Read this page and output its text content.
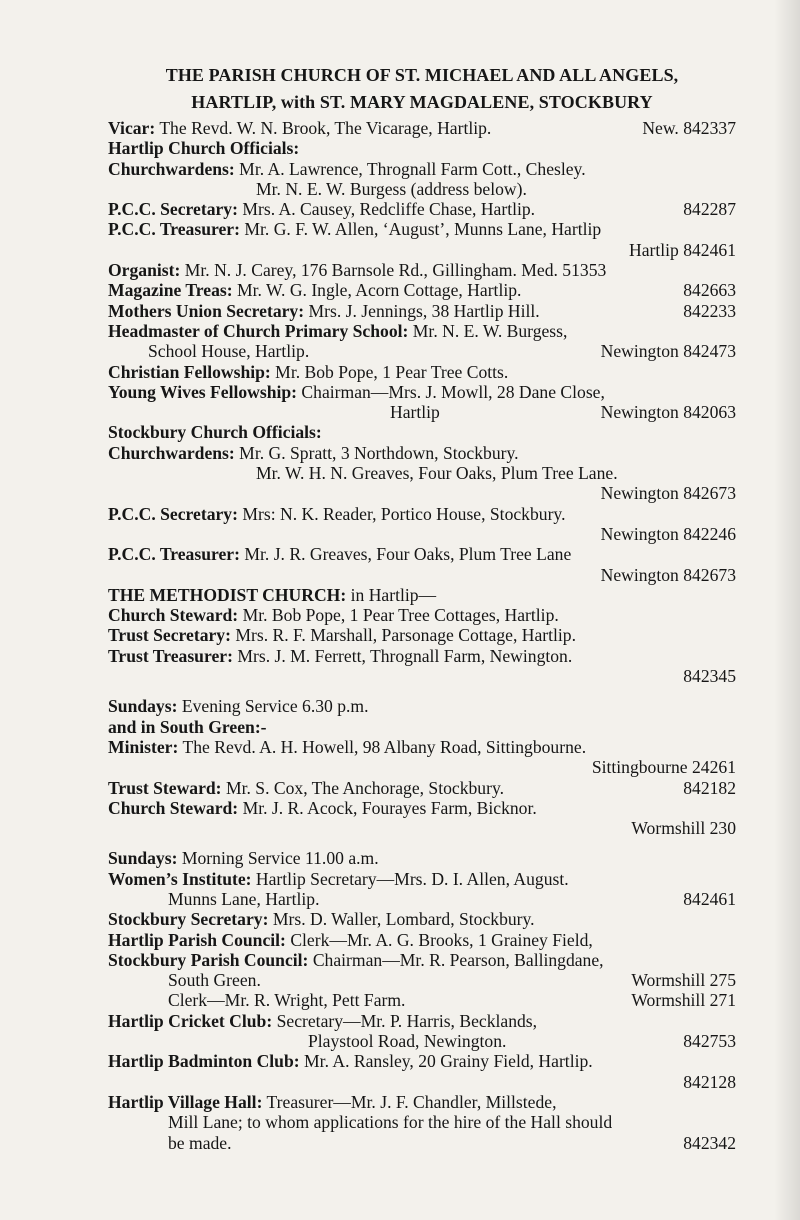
THE PARISH CHURCH OF ST. MICHAEL AND ALL ANGELS,
HARTLIP, with ST. MARY MAGDALENE, STOCKBURY
Vicar: The Revd. W. N. Brook, The Vicarage, Hartlip.	New. 842337
Hartlip Church Officials:
Churchwardens: Mr. A. Lawrence, Thrognall Farm Cott., Chesley.
Mr. N. E. W. Burgess (address below).
P.C.C. Secretary: Mrs. A. Causey, Redcliffe Chase, Hartlip.	842287
P.C.C. Treasurer: Mr. G. F. W. Allen, ‘August’, Munns Lane, Hartlip
Hartlip 842461
Organist: Mr. N. J. Carey, 176 Barnsole Rd., Gillingham. Med. 51353
Magazine Treas: Mr. W. G. Ingle, Acorn Cottage, Hartlip.	842663
Mothers Union Secretary: Mrs. J. Jennings, 38 Hartlip Hill.	842233
Headmaster of Church Primary School: Mr. N. E. W. Burgess,
School House, Hartlip.	Newington 842473
Christian Fellowship: Mr. Bob Pope, 1 Pear Tree Cotts.
Young Wives Fellowship: Chairman—Mrs. J. Mowll, 28 Dane Close,
Hartlip	Newington 842063
Stockbury Church Officials:
Churchwardens: Mr. G. Spratt, 3 Northdown, Stockbury.
Mr. W. H. N. Greaves, Four Oaks, Plum Tree Lane.
Newington 842673
P.C.C. Secretary: Mrs: N. K. Reader, Portico House, Stockbury.
Newington 842246
P.C.C. Treasurer: Mr. J. R. Greaves, Four Oaks, Plum Tree Lane
Newington 842673
THE METHODIST CHURCH: in Hartlip—
Church Steward: Mr. Bob Pope, 1 Pear Tree Cottages, Hartlip.
Trust Secretary: Mrs. R. F. Marshall, Parsonage Cottage, Hartlip.
Trust Treasurer: Mrs. J. M. Ferrett, Thrognall Farm, Newington.
842345
Sundays: Evening Service 6.30 p.m.
and in South Green:-
Minister: The Revd. A. H. Howell, 98 Albany Road, Sittingbourne.
Sittingbourne 24261
Trust Steward: Mr. S. Cox, The Anchorage, Stockbury.	842182
Church Steward: Mr. J. R. Acock, Fourayes Farm, Bicknor.
Wormshill 230
Sundays: Morning Service 11.00 a.m.
Women’s Institute: Hartlip Secretary—Mrs. D. I. Allen, August.
Munns Lane, Hartlip.	842461
Stockbury Secretary: Mrs. D. Waller, Lombard, Stockbury.
Hartlip Parish Council: Clerk—Mr. A. G. Brooks, 1 Grainey Field,
Stockbury Parish Council: Chairman—Mr. R. Pearson, Ballingdane,
South Green.	Wormshill 275
Clerk—Mr. R. Wright, Pett Farm.	Wormshill 271
Hartlip Cricket Club: Secretary—Mr. P. Harris, Becklands,
Playstool Road, Newington.	842753
Hartlip Badminton Club: Mr. A. Ransley, 20 Grainy Field, Hartlip.
842128
Hartlip Village Hall: Treasurer—Mr. J. F. Chandler, Millstede,
Mill Lane; to whom applications for the hire of the Hall should
be made.	842342
